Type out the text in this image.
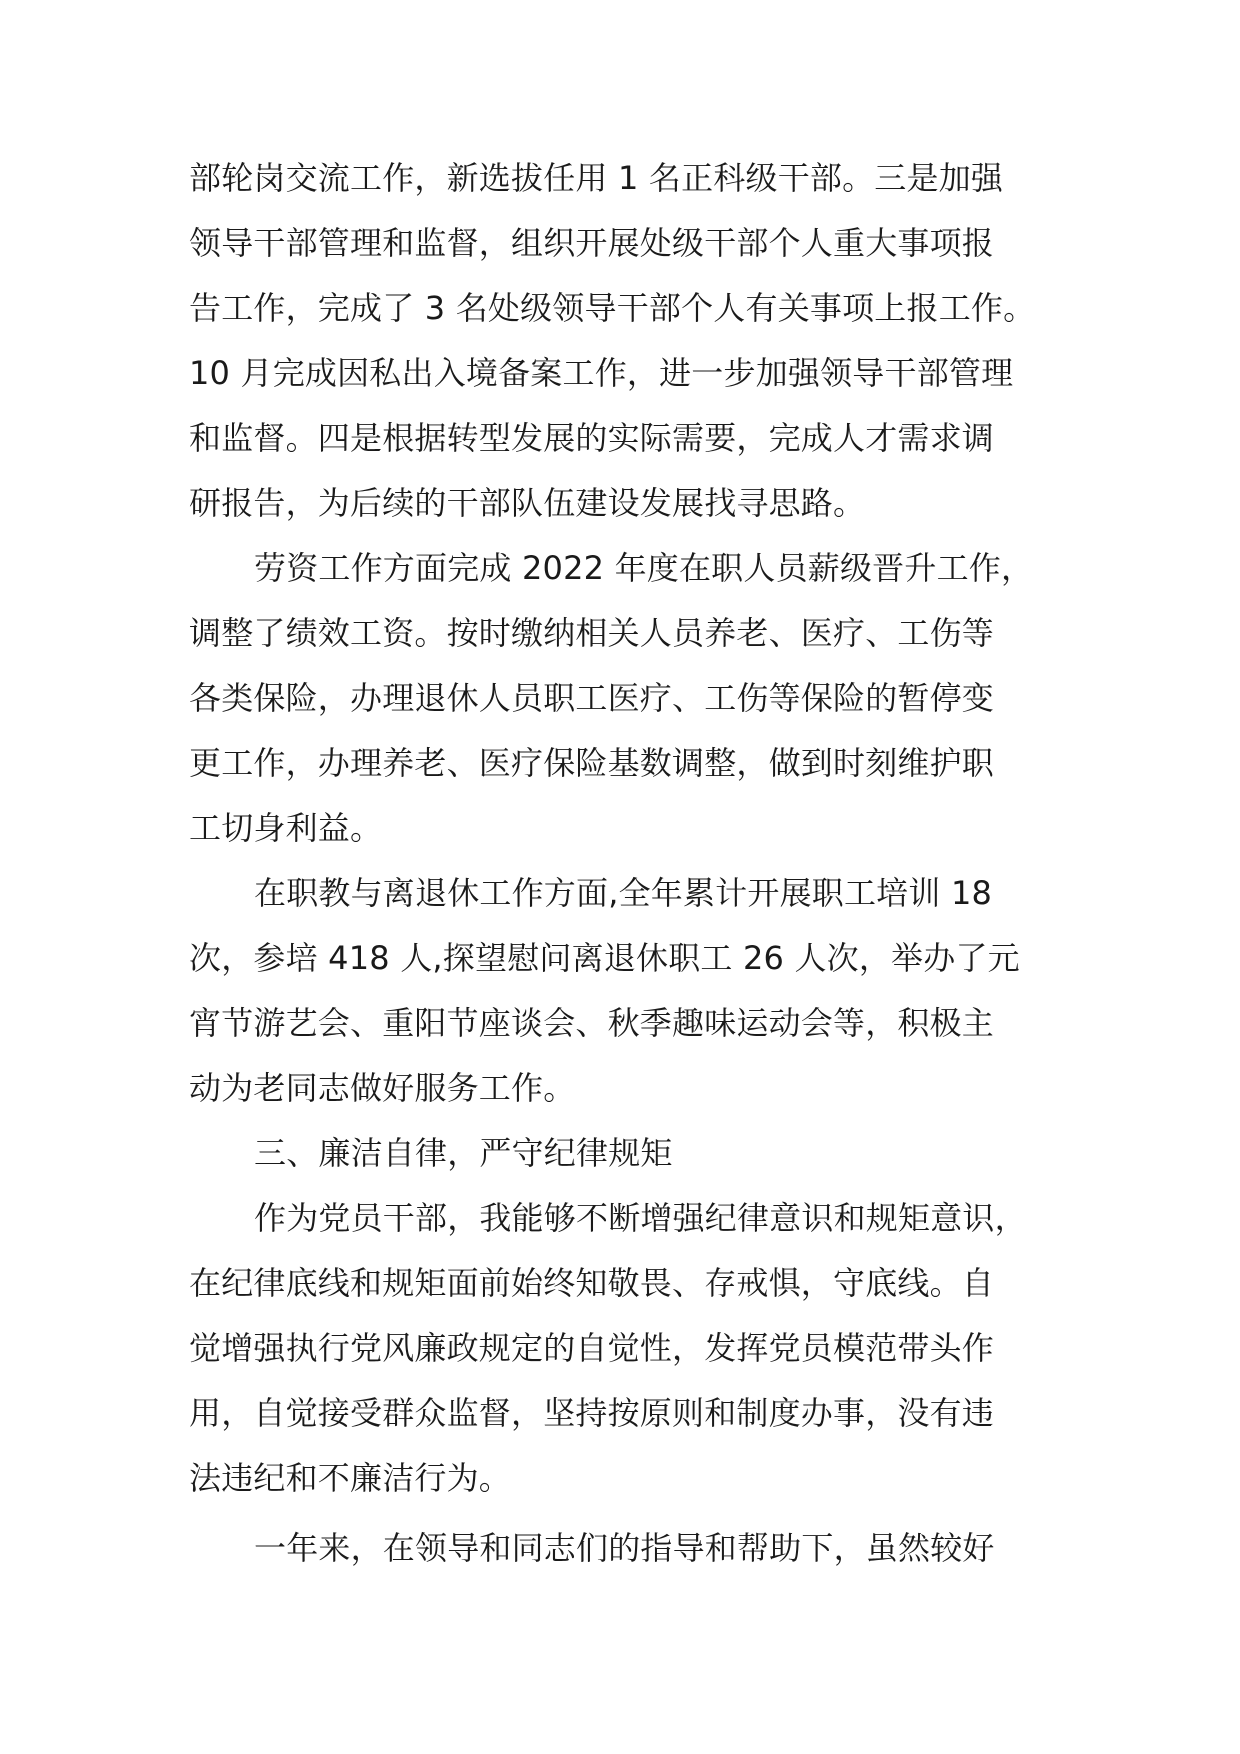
部轮岗交流工作，新选拔任用 1 名正科级干部。三是加强
领导干部管理和监督，组织开展处级干部个人重大事项报
告工作，完成了 3 名处级领导干部个人有关事项上报工作。
10 月完成因私出入境备案工作，进一步加强领导干部管理
和监督。四是根据转型发展的实际需要，完成人才需求调
研报告，为后续的干部队伍建设发展找寻思路。
劳资工作方面完成 2022 年度在职人员薪级晋升工作，
调整了绩效工资。按时缴纳相关人员养老、医疗、工伤等
各类保险，办理退休人员职工医疗、工伤等保险的暂停变
更工作，办理养老、医疗保险基数调整，做到时刻维护职
工切身利益。
在职教与离退休工作方面,全年累计开展职工培训 18
次，参培 418 人,探望慰问离退休职工 26 人次，举办了元
宵节游艺会、重阳节座谈会、秋季趣味运动会等，积极主
动为老同志做好服务工作。
三、廉洁自律，严守纪律规矩
作为党员干部，我能够不断增强纪律意识和规矩意识，
在纪律底线和规矩面前始终知敬畏、存戒惧，守底线。自
觉增强执行党风廉政规定的自觉性，发挥党员模范带头作
用，自觉接受群众监督，坚持按原则和制度办事，没有违
法违纪和不廉洁行为。
一年来，在领导和同志们的指导和帮助下，虽然较好
